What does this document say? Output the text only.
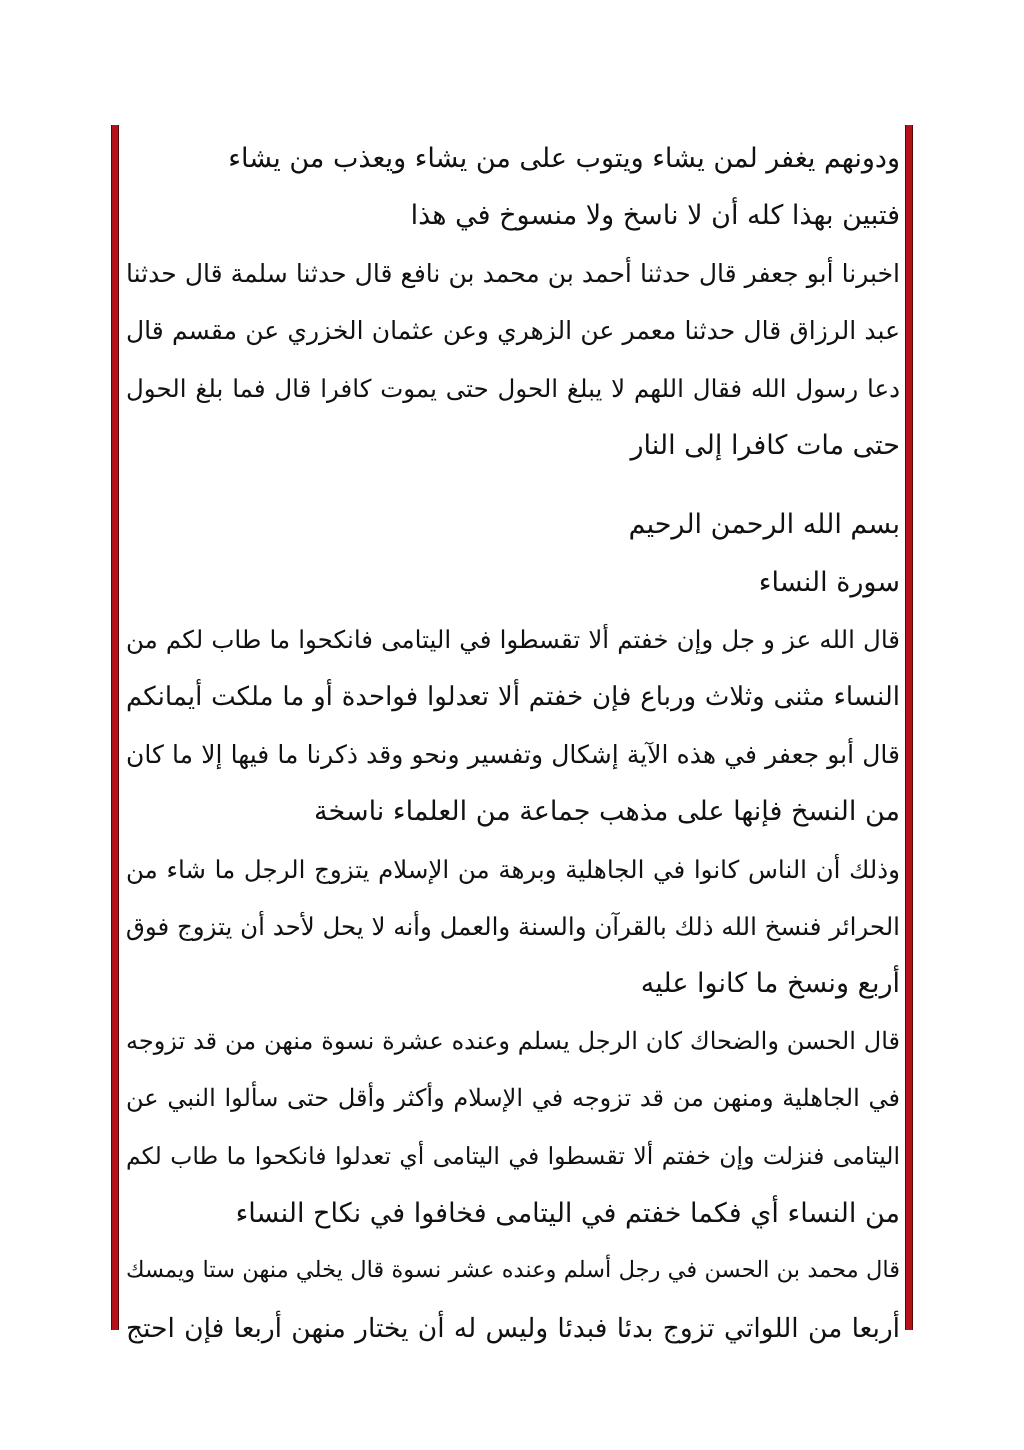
ودونهم يغفر لمن يشاء ويتوب على من يشاء ويعذب من يشاء
فتبين بهذا كله أن لا ناسخ ولا منسوخ في هذا
اخبرنا أبو جعفر قال حدثنا أحمد بن محمد بن نافع قال حدثنا سلمة قال حدثنا
عبد الرزاق قال حدثنا معمر عن الزهري وعن عثمان الخزري عن مقسم قال
دعا رسول الله فقال اللهم لا يبلغ الحول حتى يموت كافرا قال فما بلغ الحول
حتى مات كافرا إلى النار
بسم الله الرحمن الرحيم
سورة النساء
قال الله عز و جل وإن خفتم ألا تقسطوا في اليتامى فانكحوا ما طاب لكم من
النساء مثنى وثلاث ورباع فإن خفتم ألا تعدلوا فواحدة أو ما ملكت أيمانكم
قال أبو جعفر في هذه الآية إشكال وتفسير ونحو وقد ذكرنا ما فيها إلا ما كان
من النسخ فإنها على مذهب جماعة من العلماء ناسخة
وذلك أن الناس كانوا في الجاهلية وبرهة من الإسلام يتزوج الرجل ما شاء من
الحرائر فنسخ الله ذلك بالقرآن والسنة والعمل وأنه لا يحل لأحد أن يتزوج فوق
أربع ونسخ ما كانوا عليه
قال الحسن والضحاك كان الرجل يسلم وعنده عشرة نسوة منهن من قد تزوجه
في الجاهلية ومنهن من قد تزوجه في الإسلام وأكثر وأقل حتى سألوا النبي عن
اليتامى فنزلت وإن خفتم ألا تقسطوا في اليتامى أي تعدلوا فانكحوا ما طاب لكم
من النساء أي فكما خفتم في اليتامى فخافوا في نكاح النساء
قال محمد بن الحسن في رجل أسلم وعنده عشر نسوة قال يخلي منهن ستا ويمسك
أربعا من اللواتي تزوج بدئا فبدئا وليس له أن يختار منهن أربعا فإن احتج
